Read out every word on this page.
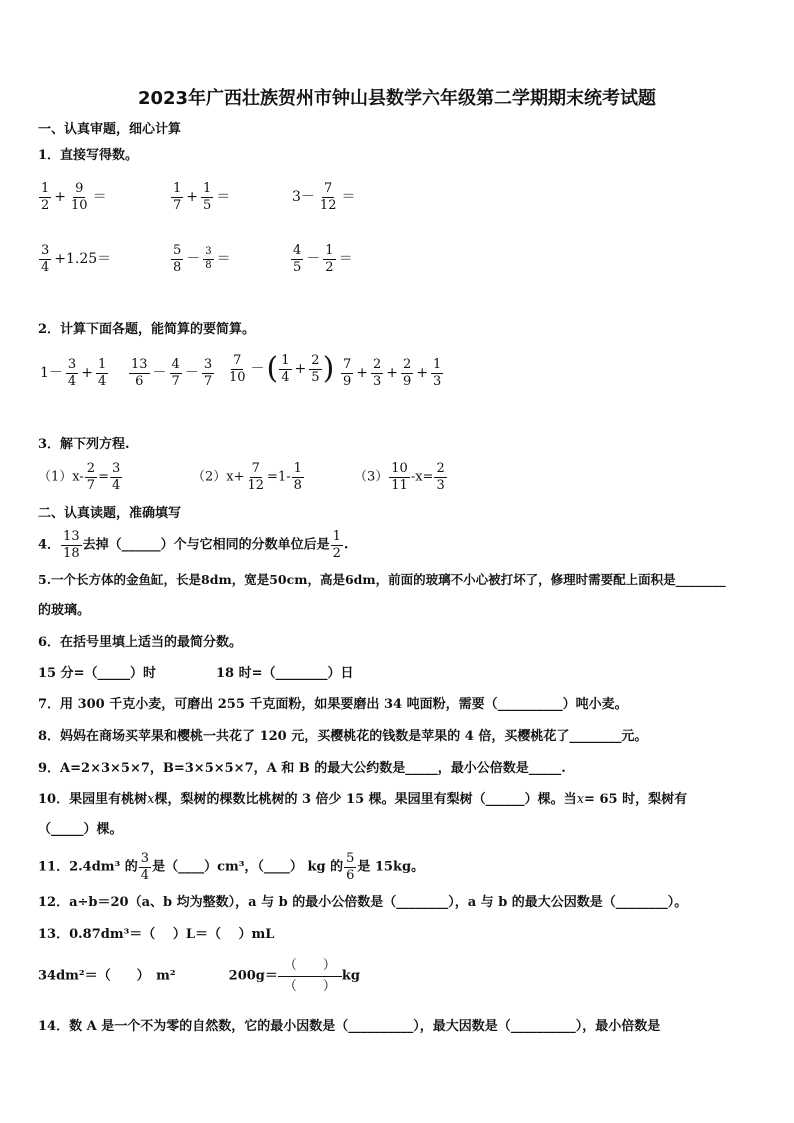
2023年广西壮族贺州市钟山县数学六年级第二学期期末统考试题
一、认真审题，细心计算
1．直接写得数。
$\frac{1}{2} + \frac{9}{10}$ ＝	$\frac{1}{7} + \frac{1}{5}$ ＝	$3- \frac{7}{12}$ ＝
$\frac{3}{4} +1.25=$	$\frac{5}{8} - \frac{3}{8}$ ＝	$\frac{4}{5} - \frac{1}{2}$ ＝
2．计算下面各题，能简算的要简算。
$1- \frac{3}{4} + \frac{1}{4} \frac{13}{6} - \frac{4}{7} - \frac{3}{7} \frac{7}{10}$ －( $\frac{1}{4} + \frac{2}{5}$ ) $\frac{7}{9} + \frac{2}{3} + \frac{2}{9} + \frac{1}{3}$
3．解下列方程.
$(1)x- \frac{2}{7} = \frac{3}{4}$	$(2)x+ \frac{7}{12} =1- \frac{1}{8}$	$(3) \frac{10}{11} -x= \frac{2}{3}$
二、认真读题，准确填写
4． $\frac{13}{18}$ 去掉（______）个与它相同的分数单位后是 $\frac{1}{2}$ .
5.一个长方体的金鱼缸，长是8dm，宽是50cm，高是6dm，前面的玻璃不小心被打坏了，修理时需要配上面积是________
的玻璃。
6．在括号里填上适当的最简分数。
15 分=（_____）时	18 时=（________）日
7．用 300 千克小麦，可磨出 255 千克面粉，如果要磨出 34 吨面粉，需要（__________）吨小麦。
8．妈妈在商场买苹果和樱桃一共花了 120 元，买樱桃花的钱数是苹果的 4 倍，买樱桃花了________元。
9．A=2×3×5×7，B=3×5×5×7，A 和 B 的最大公约数是_____，最小公倍数是_____.
10．果园里有桃树x棵，梨树的棵数比桃树的 3 倍少 15 棵。果园里有梨树（______）棵。当x= 65 时，梨树有
（_____）棵。
11．2.4dm³ 的 $\frac{3}{4}$ 是（____）cm³，（____） kg 的 $\frac{5}{6}$ 是 15kg。
12．a÷b＝20（a、b 均为整数），a 与 b 的最小公倍数是（________），a 与 b 的最大公因数是（________）。
13．0.87dm³＝（　 ）L＝（　 ）mL
34dm²＝（　　）　m²	200g＝
（　　）
（　　）
kg
14．数 A 是一个不为零的自然数，它的最小因数是（__________），最大因数是（__________），最小倍数是
